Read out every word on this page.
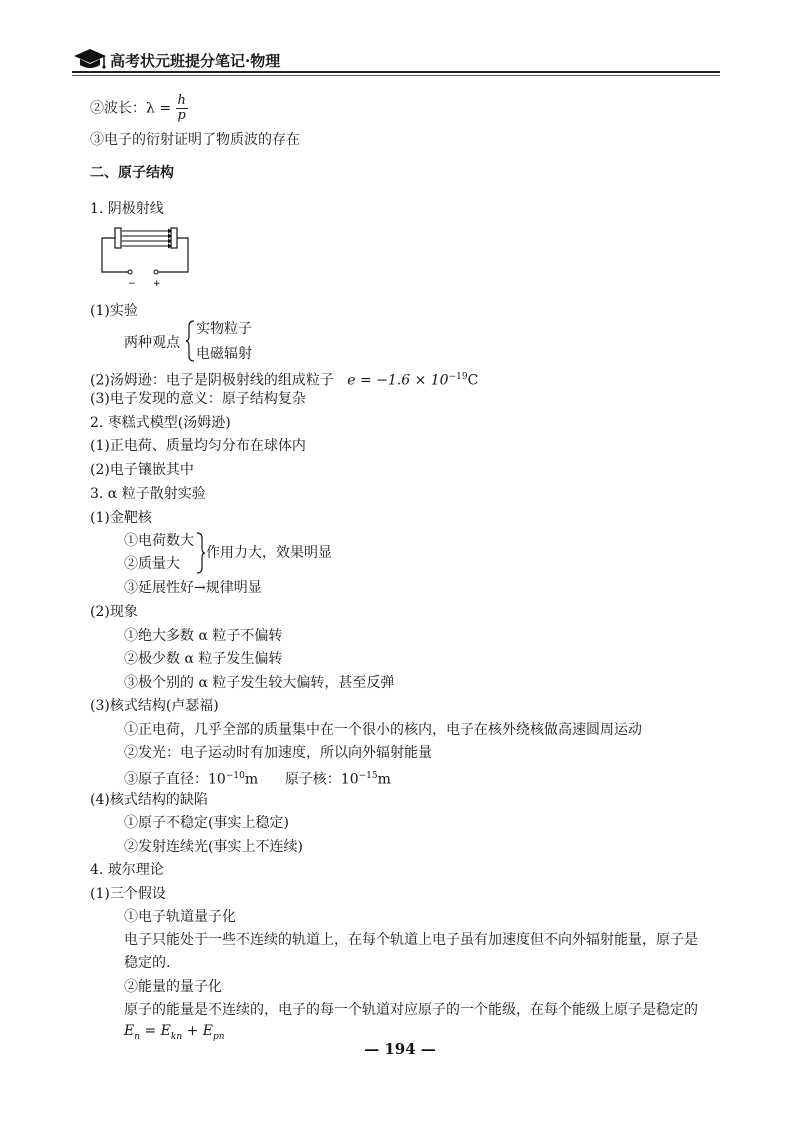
高考状元班提分笔记·物理
②波长：$\lambda = \frac{h}{p}$
③电子的衍射证明了物质波的存在
二、原子结构
1. 阴极射线
− +
(1)实验
两种观点
实物粒子
电磁辐射
(2)汤姆逊：电子是阴极射线的组成粒子 $e = -1.6 \times 10^{-19}C$
(3)电子发现的意义：原子结构复杂
2. 枣糕式模型(汤姆逊)
(1)正电荷、质量均匀分布在球体内
(2)电子镶嵌其中
3. α 粒子散射实验
(1)金靶核
①电荷数大
②质量大
作用力大，效果明显
③延展性好→规律明显
(2)现象
①绝大多数 α 粒子不偏转
②极少数 α 粒子发生偏转
③极个别的 α 粒子发生较大偏转，甚至反弹
(3)核式结构(卢瑟福)
①正电荷，几乎全部的质量集中在一个很小的核内，电子在核外绕核做高速圆周运动
②发光：电子运动时有加速度，所以向外辐射能量
③原子直径：$10^{-10}m$ 原子核：$10^{-15}m$
(4)核式结构的缺陷
①原子不稳定(事实上稳定)
②发射连续光(事实上不连续)
4. 玻尔理论
(1)三个假设
①电子轨道量子化
电子只能处于一些不连续的轨道上，在每个轨道上电子虽有加速度但不向外辐射能量，原子是
稳定的.
②能量的量子化
原子的能量是不连续的，电子的每一个轨道对应原子的一个能级，在每个能级上原子是稳定的
$E_n = E_{kn} + E_{pn}$
— 194 —
